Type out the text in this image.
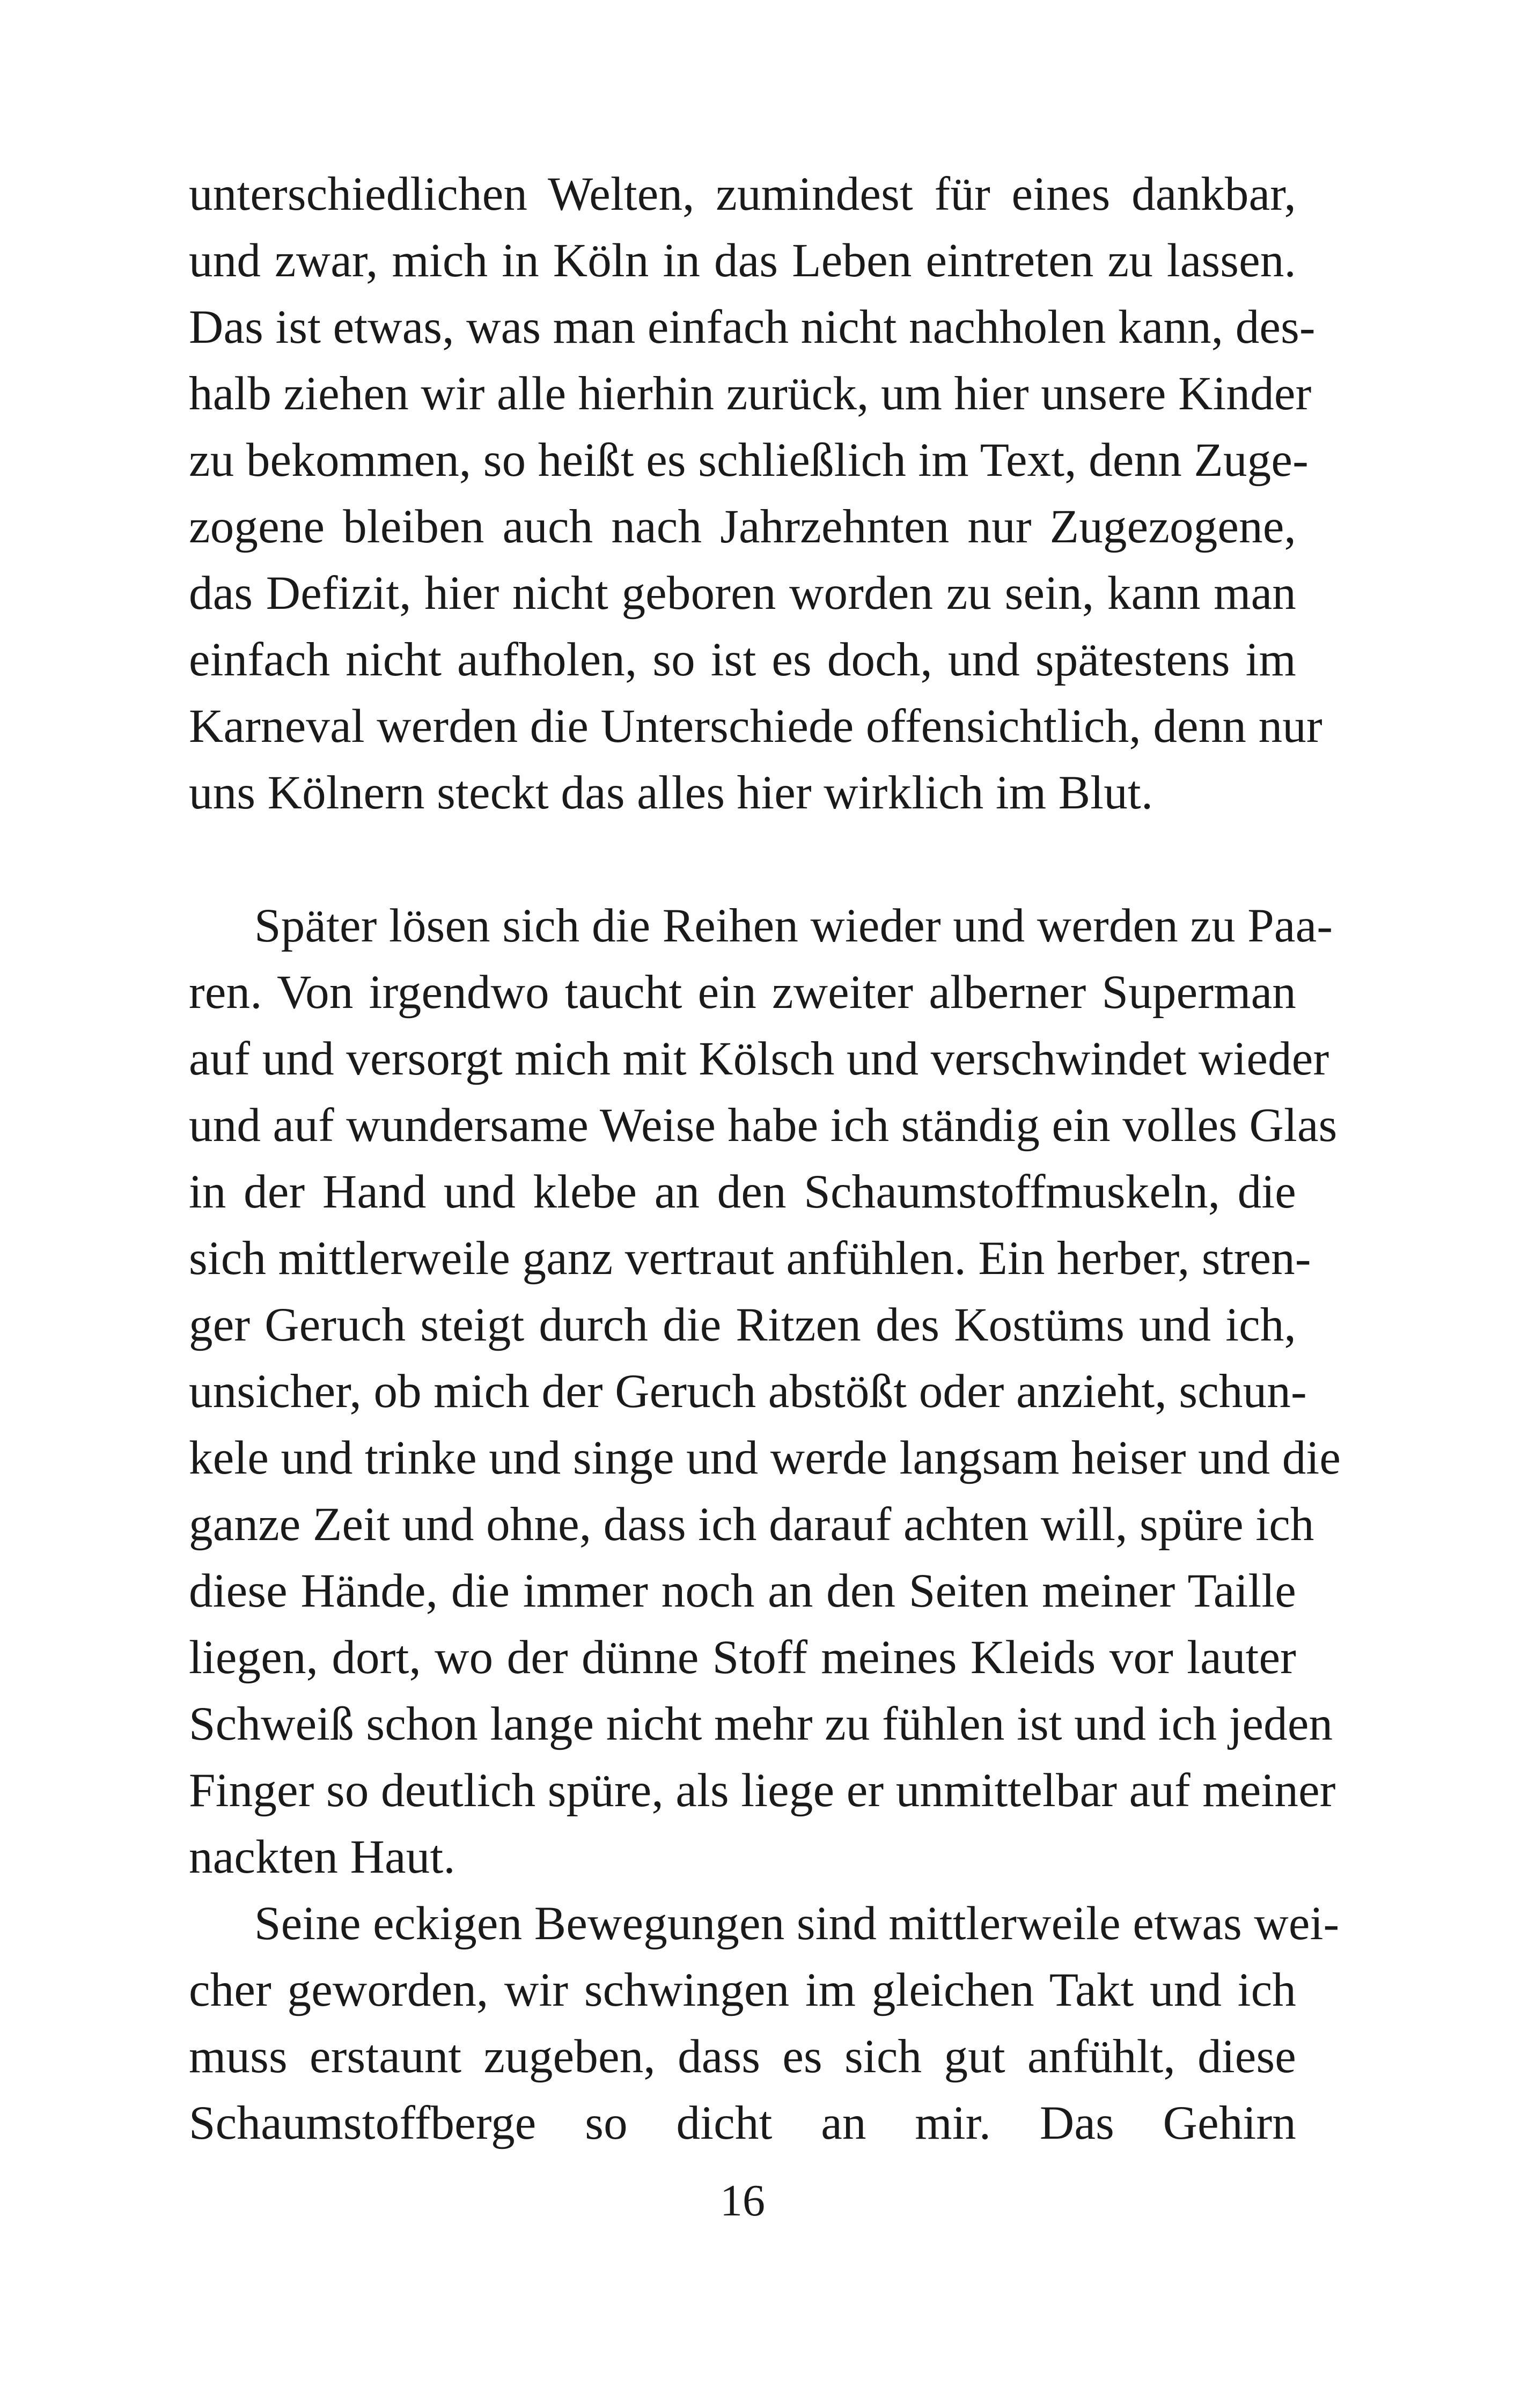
unterschiedlichen Welten, zumindest für eines dankbar,
und zwar, mich in Köln in das Leben eintreten zu lassen.
Das ist etwas, was man einfach nicht nachholen kann, des-
halb ziehen wir alle hierhin zurück, um hier unsere Kinder
zu bekommen, so heißt es schließlich im Text, denn Zuge-
zogene bleiben auch nach Jahrzehnten nur Zugezogene,
das Defizit, hier nicht geboren worden zu sein, kann man
einfach nicht aufholen, so ist es doch, und spätestens im
Karneval werden die Unterschiede offensichtlich, denn nur
uns Kölnern steckt das alles hier wirklich im Blut.
Später lösen sich die Reihen wieder und werden zu Paa-
ren. Von irgendwo taucht ein zweiter alberner Superman
auf und versorgt mich mit Kölsch und verschwindet wieder
und auf wundersame Weise habe ich ständig ein volles Glas
in der Hand und klebe an den Schaumstoffmuskeln, die
sich mittlerweile ganz vertraut anfühlen. Ein herber, stren-
ger Geruch steigt durch die Ritzen des Kostüms und ich,
unsicher, ob mich der Geruch abstößt oder anzieht, schun-
kele und trinke und singe und werde langsam heiser und die
ganze Zeit und ohne, dass ich darauf achten will, spüre ich
diese Hände, die immer noch an den Seiten meiner Taille
liegen, dort, wo der dünne Stoff meines Kleids vor lauter
Schweiß schon lange nicht mehr zu fühlen ist und ich jeden
Finger so deutlich spüre, als liege er unmittelbar auf meiner
nackten Haut.
Seine eckigen Bewegungen sind mittlerweile etwas wei-
cher geworden, wir schwingen im gleichen Takt und ich
muss erstaunt zugeben, dass es sich gut anfühlt, diese
Schaumstoffberge so dicht an mir. Das Gehirn
16
